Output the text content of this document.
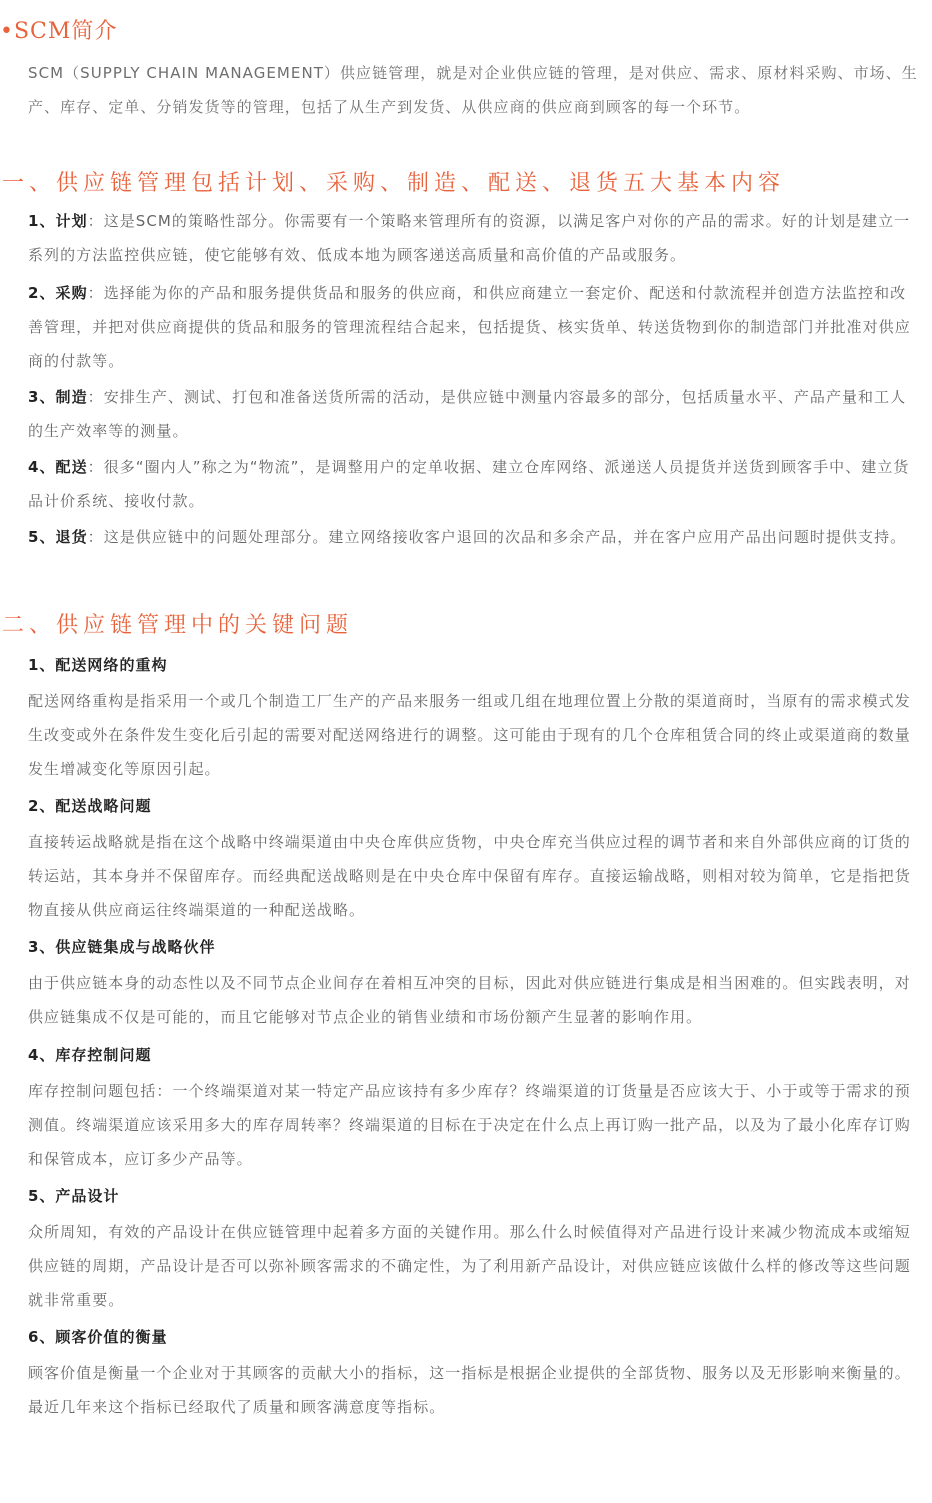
•SCM简介

SCM（SUPPLY CHAIN MANAGEMENT）供应链管理，就是对企业供应链的管理，是对供应、需求、原材料采购、市场、生产、库存、定单、分销发货等的管理，包括了从生产到发货、从供应商的供应商到顾客的每一个环节。

一、供应链管理包括计划、采购、制造、配送、退货五大基本内容

1、计划：这是SCM的策略性部分。你需要有一个策略来管理所有的资源，以满足客户对你的产品的需求。好的计划是建立一系列的方法监控供应链，使它能够有效、低成本地为顾客递送高质量和高价值的产品或服务。

2、采购：选择能为你的产品和服务提供货品和服务的供应商，和供应商建立一套定价、配送和付款流程并创造方法监控和改善管理，并把对供应商提供的货品和服务的管理流程结合起来，包括提货、核实货单、转送货物到你的制造部门并批准对供应商的付款等。

3、制造：安排生产、测试、打包和准备送货所需的活动，是供应链中测量内容最多的部分，包括质量水平、产品产量和工人的生产效率等的测量。

4、配送：很多“圈内人”称之为“物流”，是调整用户的定单收据、建立仓库网络、派递送人员提货并送货到顾客手中、建立货品计价系统、接收付款。

5、退货：这是供应链中的问题处理部分。建立网络接收客户退回的次品和多余产品，并在客户应用产品出问题时提供支持。

二、供应链管理中的关键问题
1、配送网络的重构

配送网络重构是指采用一个或几个制造工厂生产的产品来服务一组或几组在地理位置上分散的渠道商时，当原有的需求模式发生改变或外在条件发生变化后引起的需要对配送网络进行的调整。这可能由于现有的几个仓库租赁合同的终止或渠道商的数量发生增减变化等原因引起。

2、配送战略问题

直接转运战略就是指在这个战略中终端渠道由中央仓库供应货物，中央仓库充当供应过程的调节者和来自外部供应商的订货的转运站，其本身并不保留库存。而经典配送战略则是在中央仓库中保留有库存。直接运输战略，则相对较为简单，它是指把货物直接从供应商运往终端渠道的一种配送战略。

3、供应链集成与战略伙伴

由于供应链本身的动态性以及不同节点企业间存在着相互冲突的目标，因此对供应链进行集成是相当困难的。但实践表明，对供应链集成不仅是可能的，而且它能够对节点企业的销售业绩和市场份额产生显著的影响作用。

4、库存控制问题

库存控制问题包括：一个终端渠道对某一特定产品应该持有多少库存？终端渠道的订货量是否应该大于、小于或等于需求的预测值。终端渠道应该采用多大的库存周转率？终端渠道的目标在于决定在什么点上再订购一批产品，以及为了最小化库存订购和保管成本，应订多少产品等。

5、产品设计

众所周知，有效的产品设计在供应链管理中起着多方面的关键作用。那么什么时候值得对产品进行设计来减少物流成本或缩短供应链的周期，产品设计是否可以弥补顾客需求的不确定性，为了利用新产品设计，对供应链应该做什么样的修改等这些问题就非常重要。

6、顾客价值的衡量

顾客价值是衡量一个企业对于其顾客的贡献大小的指标，这一指标是根据企业提供的全部货物、服务以及无形影响来衡量的。最近几年来这个指标已经取代了质量和顾客满意度等指标。
